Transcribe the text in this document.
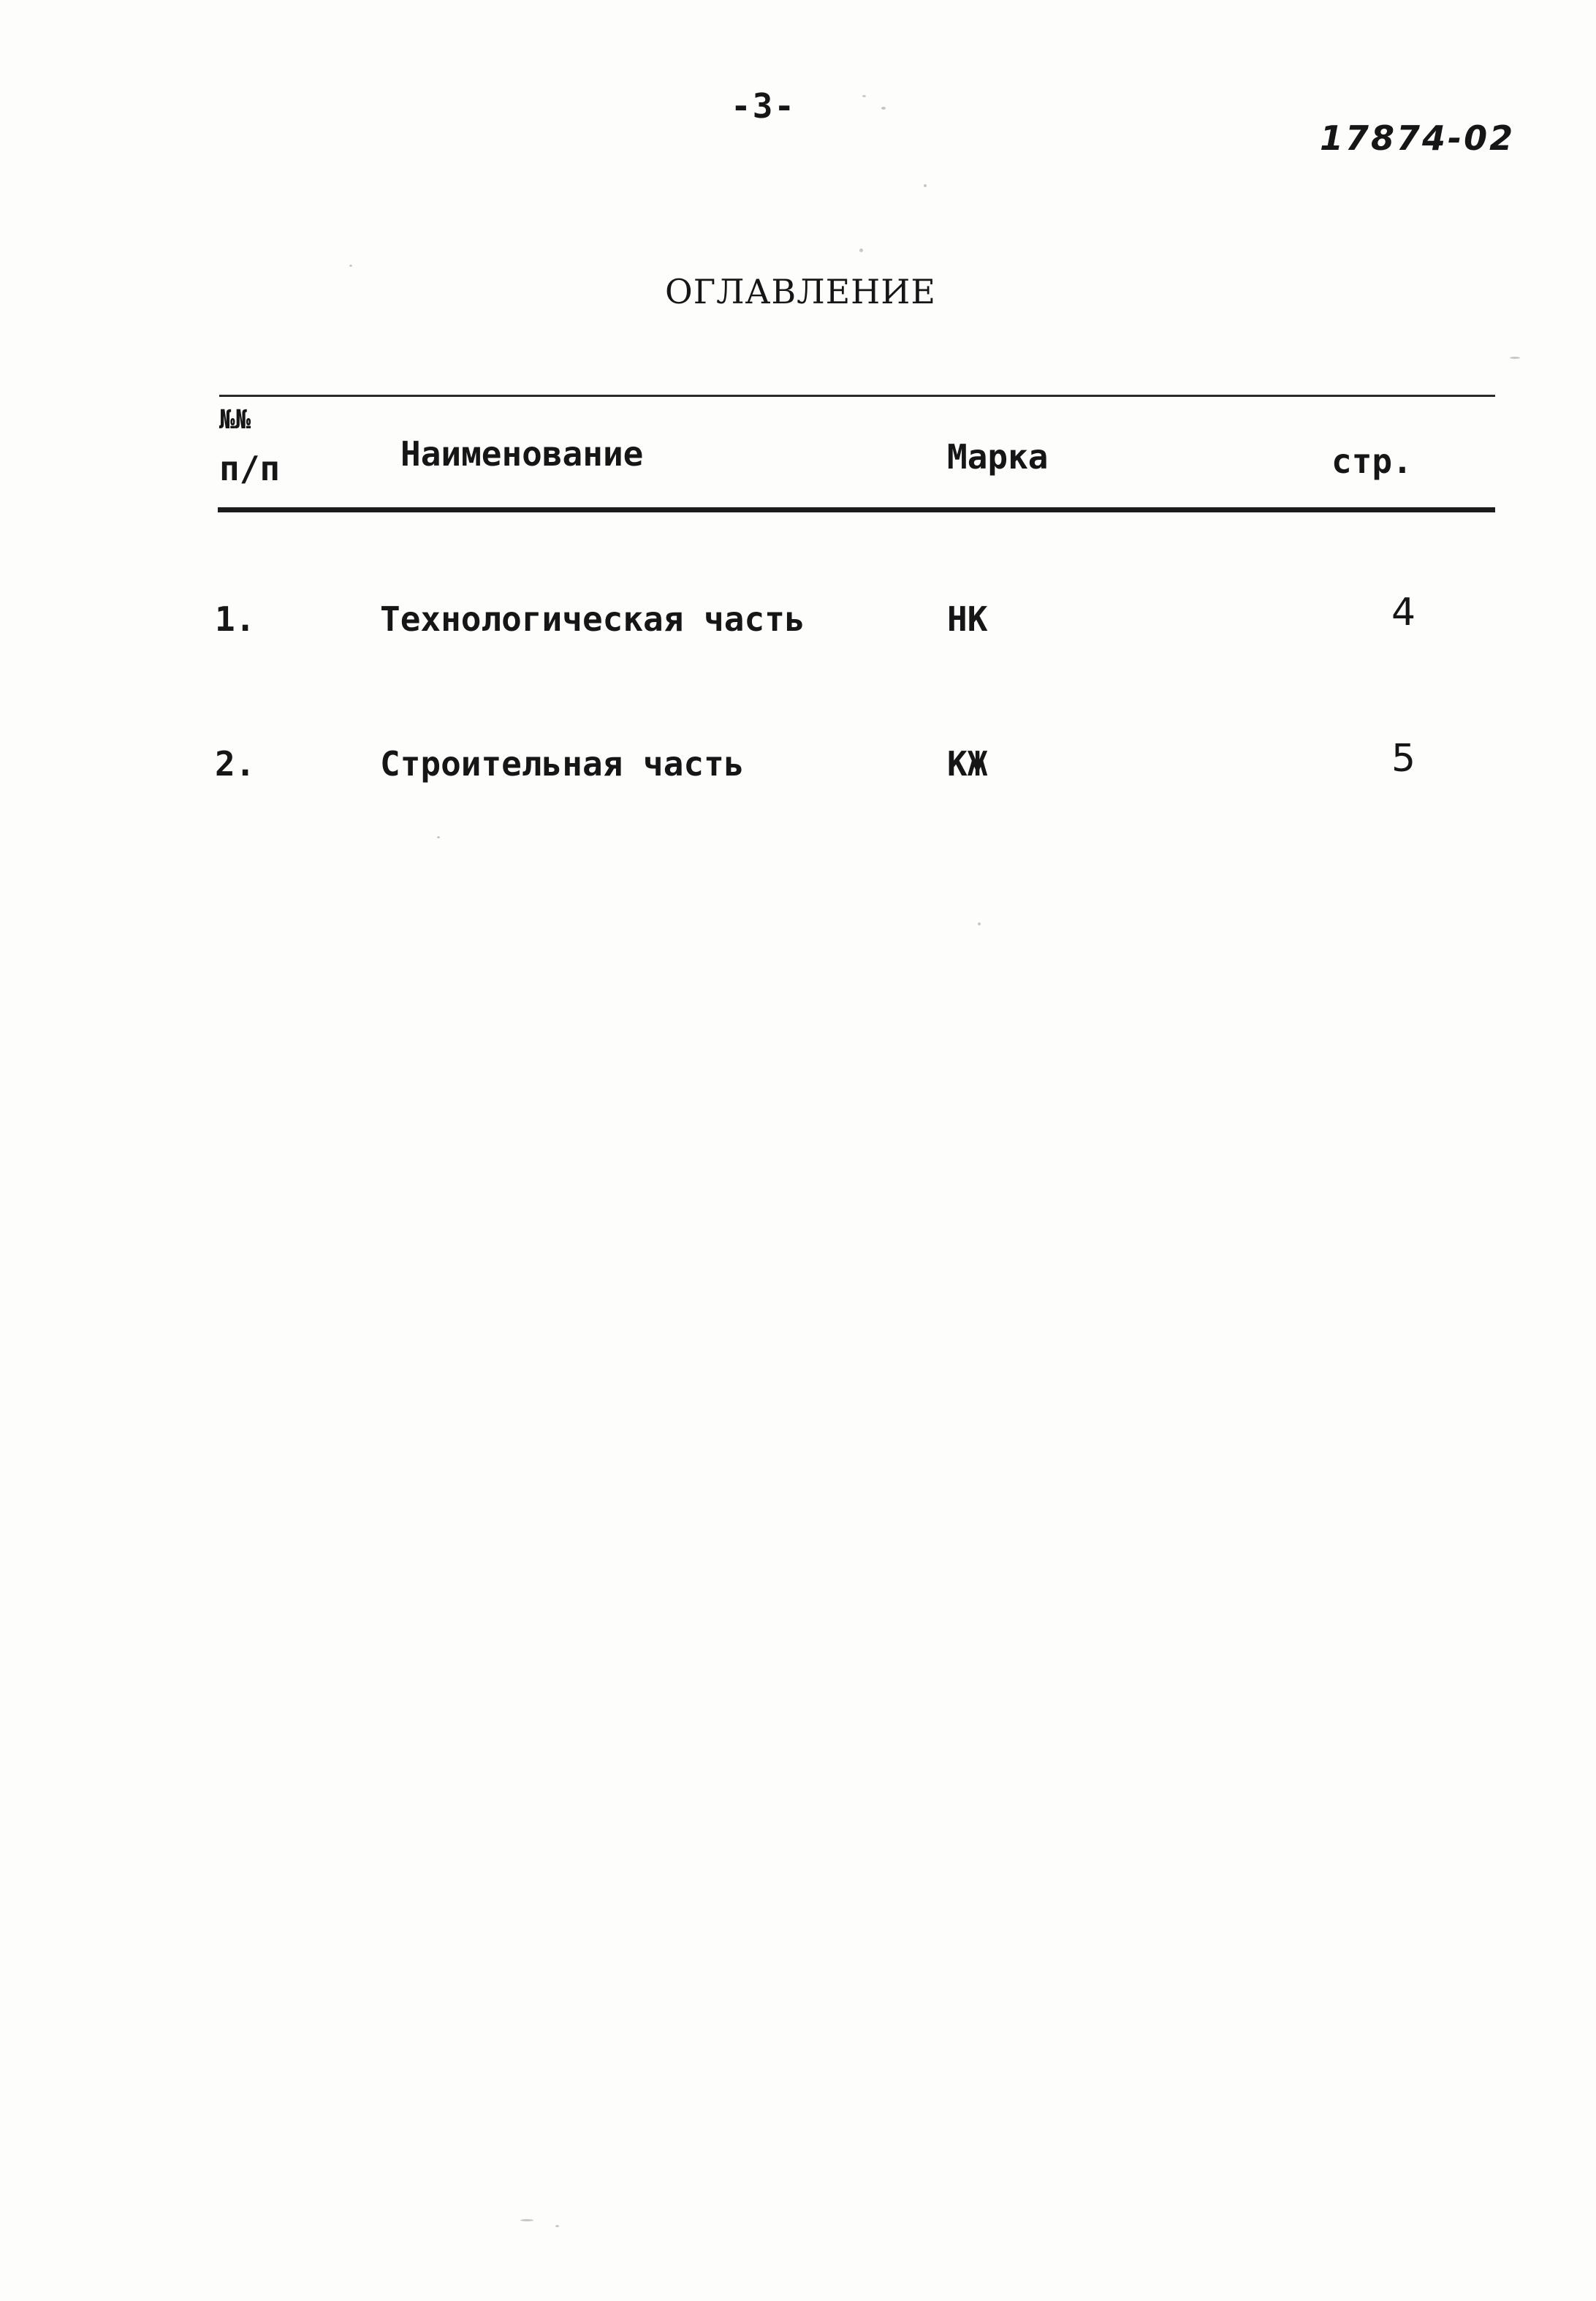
-3-
17874-02
ОГЛАВЛЕНИЕ
№№
п/п	Наименование	Марка	стр.
1.	Технологическая часть	НК	4
2.	Строительная часть	КЖ	5
